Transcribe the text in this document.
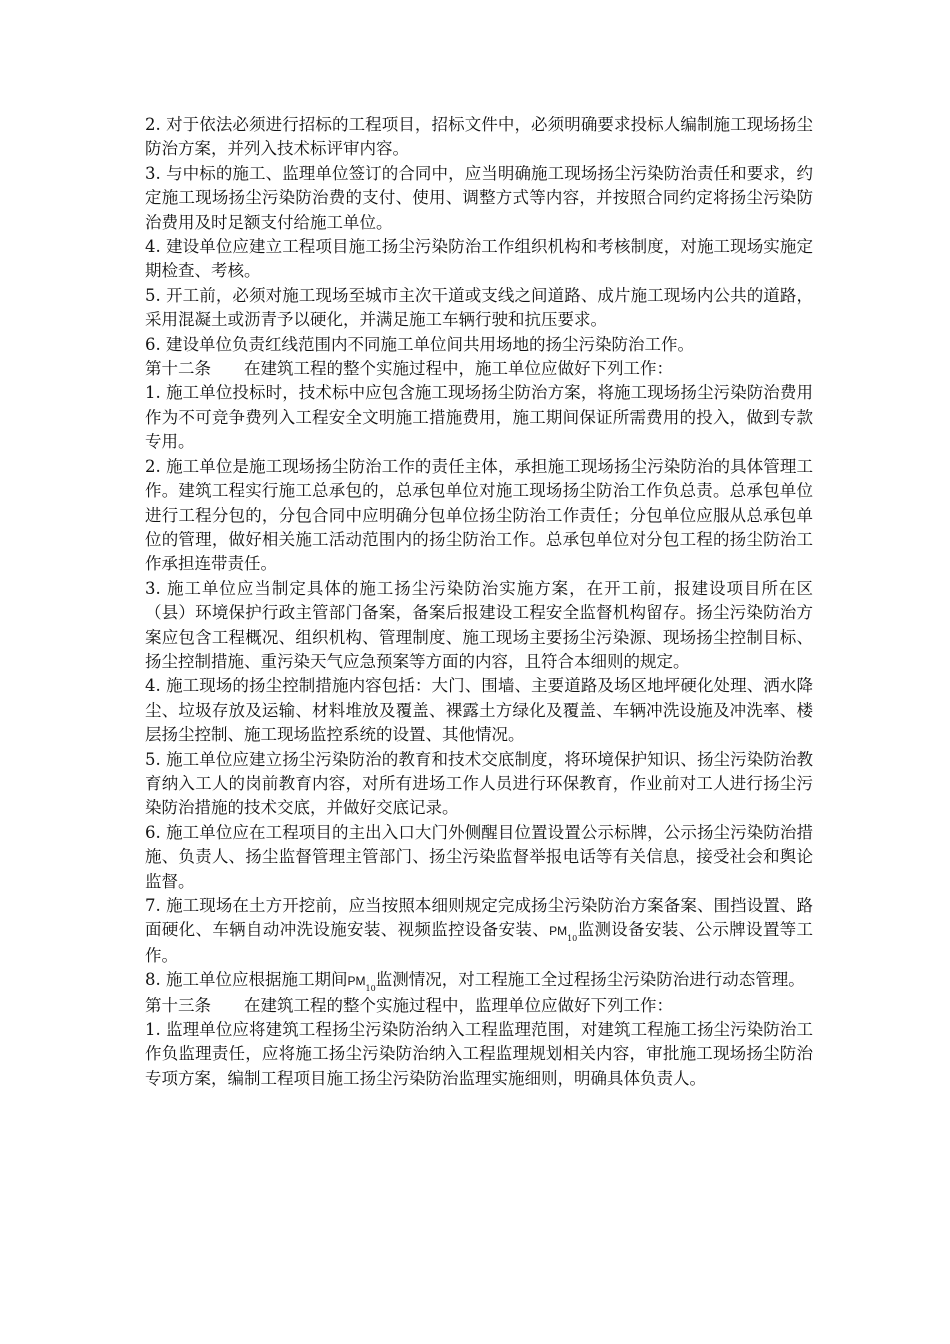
2. 对于依法必须进行招标的工程项目，招标文件中，必须明确要求投标人编制施工现场扬尘防治方案，并列入技术标评审内容。

3. 与中标的施工、监理单位签订的合同中，应当明确施工现场扬尘污染防治责任和要求，约定施工现场扬尘污染防治费的支付、使用、调整方式等内容，并按照合同约定将扬尘污染防治费用及时足额支付给施工单位。

4. 建设单位应建立工程项目施工扬尘污染防治工作组织机构和考核制度，对施工现场实施定期检查、考核。

5. 开工前，必须对施工现场至城市主次干道或支线之间道路、成片施工现场内公共的道路，采用混凝土或沥青予以硬化，并满足施工车辆行驶和抗压要求。

6. 建设单位负责红线范围内不同施工单位间共用场地的扬尘污染防治工作。

第十二条　　在建筑工程的整个实施过程中，施工单位应做好下列工作：

1. 施工单位投标时，技术标中应包含施工现场扬尘防治方案，将施工现场扬尘污染防治费用作为不可竞争费列入工程安全文明施工措施费用，施工期间保证所需费用的投入，做到专款专用。

2. 施工单位是施工现场扬尘防治工作的责任主体，承担施工现场扬尘污染防治的具体管理工作。建筑工程实行施工总承包的，总承包单位对施工现场扬尘防治工作负总责。总承包单位进行工程分包的，分包合同中应明确分包单位扬尘防治工作责任；分包单位应服从总承包单位的管理，做好相关施工活动范围内的扬尘防治工作。总承包单位对分包工程的扬尘防治工作承担连带责任。

3. 施工单位应当制定具体的施工扬尘污染防治实施方案，在开工前，报建设项目所在区（县）环境保护行政主管部门备案，备案后报建设工程安全监督机构留存。扬尘污染防治方案应包含工程概况、组织机构、管理制度、施工现场主要扬尘污染源、现场扬尘控制目标、扬尘控制措施、重污染天气应急预案等方面的内容，且符合本细则的规定。

4. 施工现场的扬尘控制措施内容包括：大门、围墙、主要道路及场区地坪硬化处理、洒水降尘、垃圾存放及运输、材料堆放及覆盖、裸露土方绿化及覆盖、车辆冲洗设施及冲洗率、楼层扬尘控制、施工现场监控系统的设置、其他情况。

5. 施工单位应建立扬尘污染防治的教育和技术交底制度，将环境保护知识、扬尘污染防治教育纳入工人的岗前教育内容，对所有进场工作人员进行环保教育，作业前对工人进行扬尘污染防治措施的技术交底，并做好交底记录。

6. 施工单位应在工程项目的主出入口大门外侧醒目位置设置公示标牌，公示扬尘污染防治措施、负责人、扬尘监督管理主管部门、扬尘污染监督举报电话等有关信息，接受社会和舆论监督。

7. 施工现场在土方开挖前，应当按照本细则规定完成扬尘污染防治方案备案、围挡设置、路面硬化、车辆自动冲洗设施安装、视频监控设备安装、$PM_{10}$监测设备安装、公示牌设置等工作。

8. 施工单位应根据施工期间$PM_{10}$监测情况，对工程施工全过程扬尘污染防治进行动态管理。

第十三条　　在建筑工程的整个实施过程中，监理单位应做好下列工作：

1. 监理单位应将建筑工程扬尘污染防治纳入工程监理范围，对建筑工程施工扬尘污染防治工作负监理责任，应将施工扬尘污染防治纳入工程监理规划相关内容，审批施工现场扬尘防治专项方案，编制工程项目施工扬尘污染防治监理实施细则，明确具体负责人。
